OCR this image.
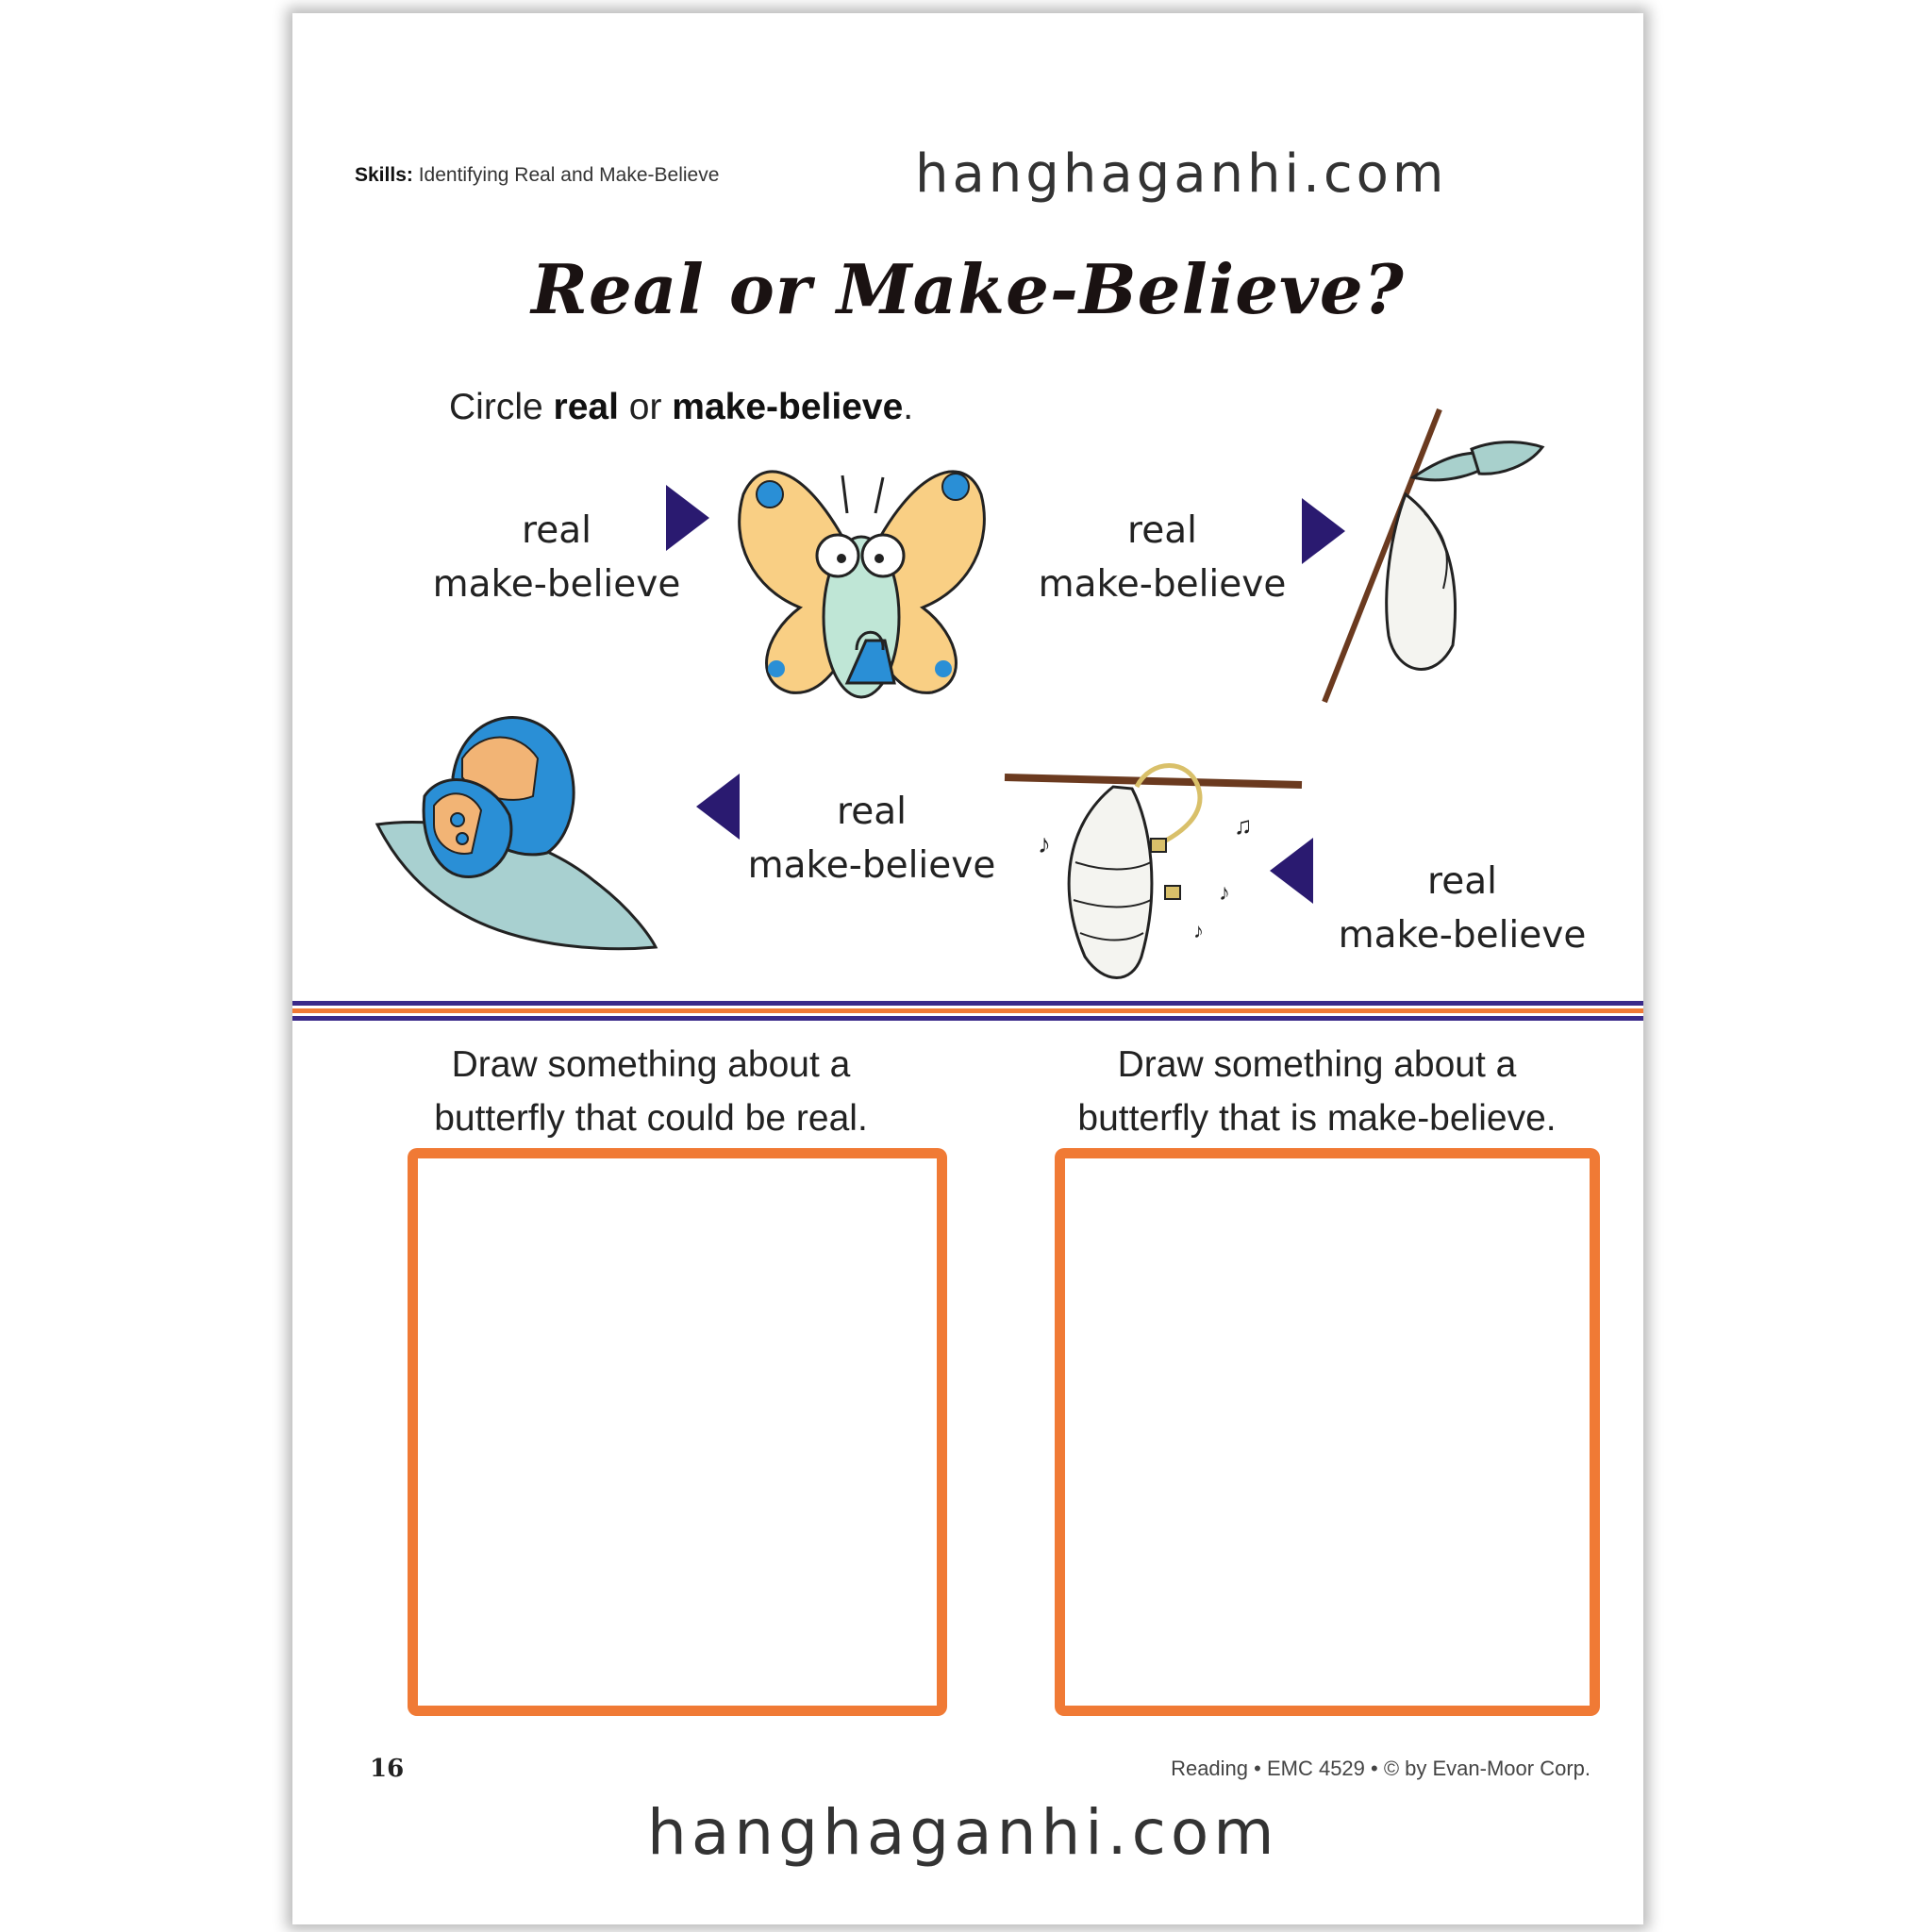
Skills: Identifying Real and Make-Believe	hanghaganhi.com
Real or Make-Believe?
Circle real or make-believe.
real
make-believe
real
make-believe
real
make-believe
♪
♫
♪
♪
real
make-believe
Draw something about a
butterfly that could be real.
Draw something about a
butterfly that is make-believe.
16	Reading • EMC 4529 • © by Evan-Moor Corp.
hanghaganhi.com
